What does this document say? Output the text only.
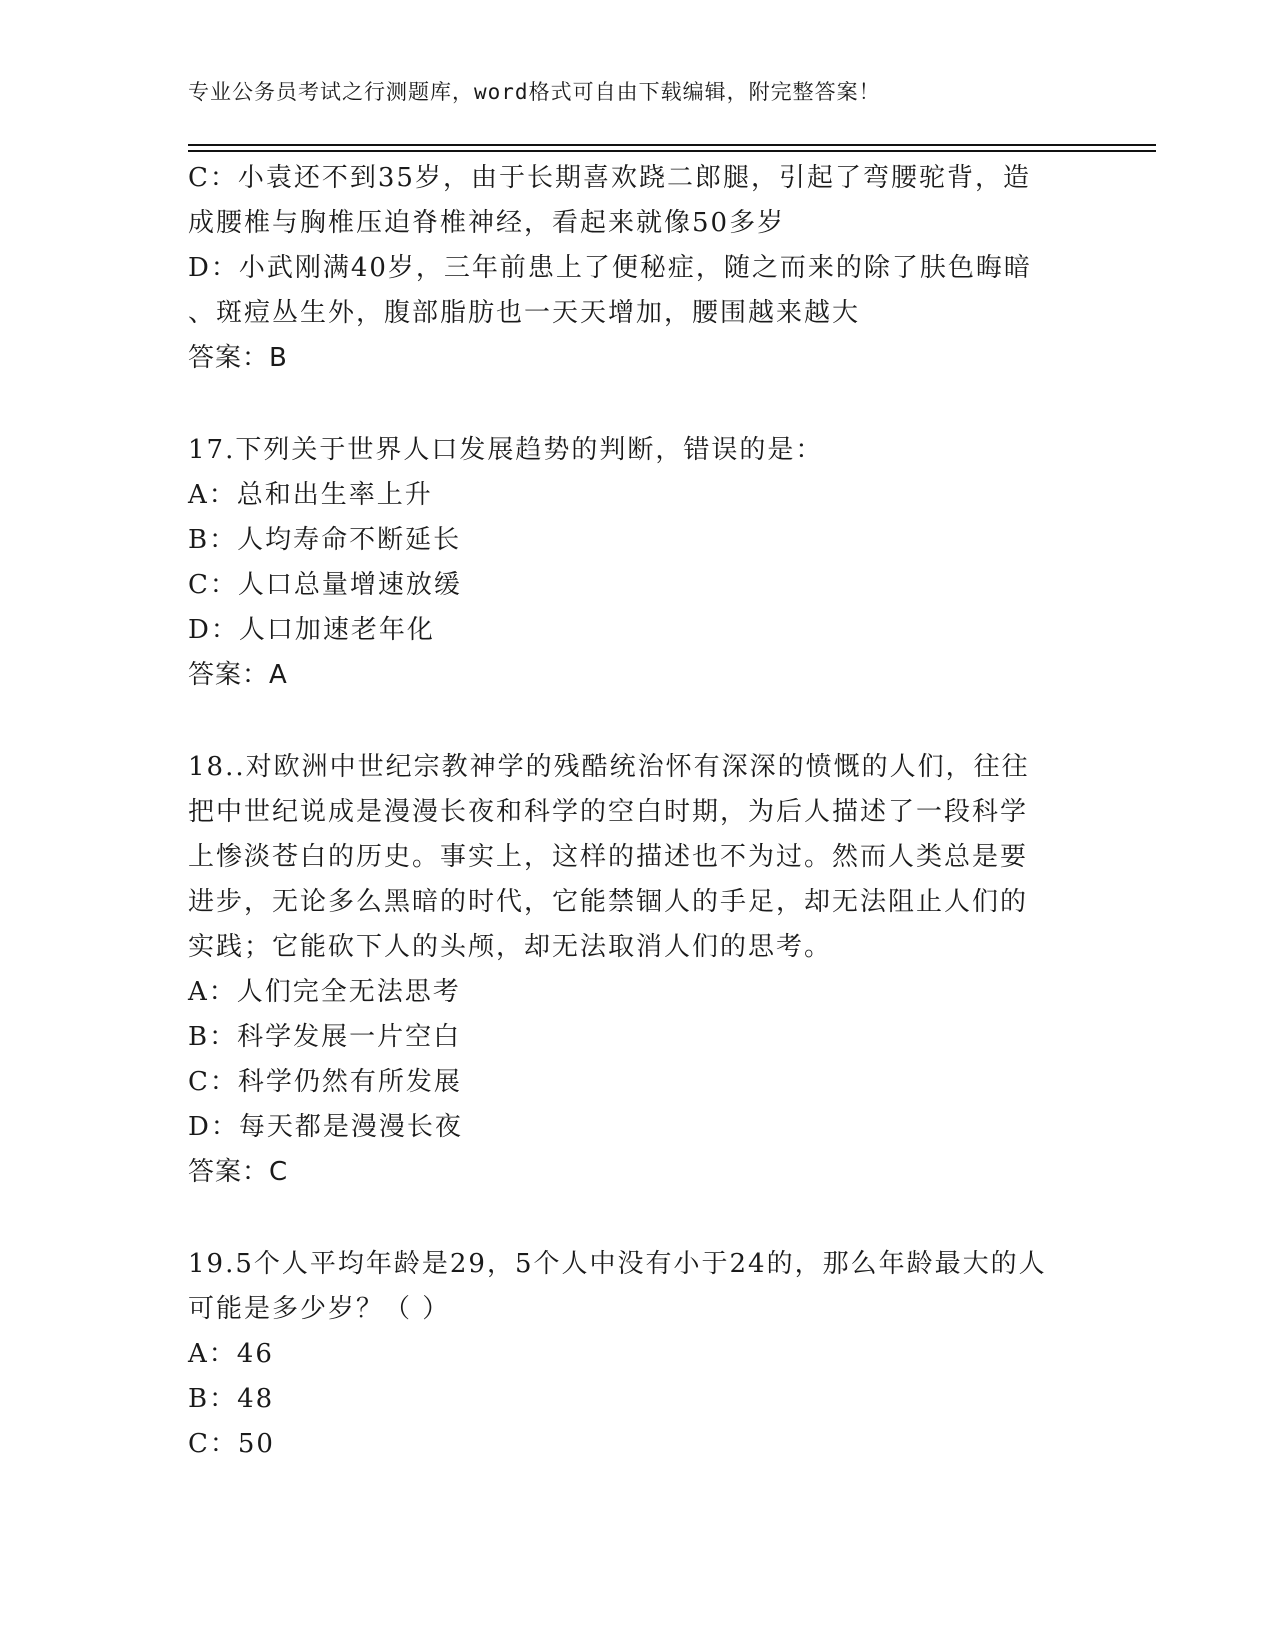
专业公务员考试之行测题库，word格式可自由下载编辑，附完整答案！
C：小袁还不到35岁，由于长期喜欢跷二郎腿，引起了弯腰驼背，造
成腰椎与胸椎压迫脊椎神经，看起来就像50多岁
D：小武刚满40岁，三年前患上了便秘症，随之而来的除了肤色晦暗
、斑痘丛生外，腹部脂肪也一天天增加，腰围越来越大
答案：B
17.下列关于世界人口发展趋势的判断，错误的是：
A：总和出生率上升
B：人均寿命不断延长
C：人口总量增速放缓
D：人口加速老年化
答案：A
18..对欧洲中世纪宗教神学的残酷统治怀有深深的愤慨的人们，往往
把中世纪说成是漫漫长夜和科学的空白时期，为后人描述了一段科学
上惨淡苍白的历史。事实上，这样的描述也不为过。然而人类总是要
进步，无论多么黑暗的时代，它能禁锢人的手足，却无法阻止人们的
实践；它能砍下人的头颅，却无法取消人们的思考。
A：人们完全无法思考
B：科学发展一片空白
C：科学仍然有所发展
D：每天都是漫漫长夜
答案：C
19.5个人平均年龄是29，5个人中没有小于24的，那么年龄最大的人
可能是多少岁？（ ）
A：46
B：48
C：50
